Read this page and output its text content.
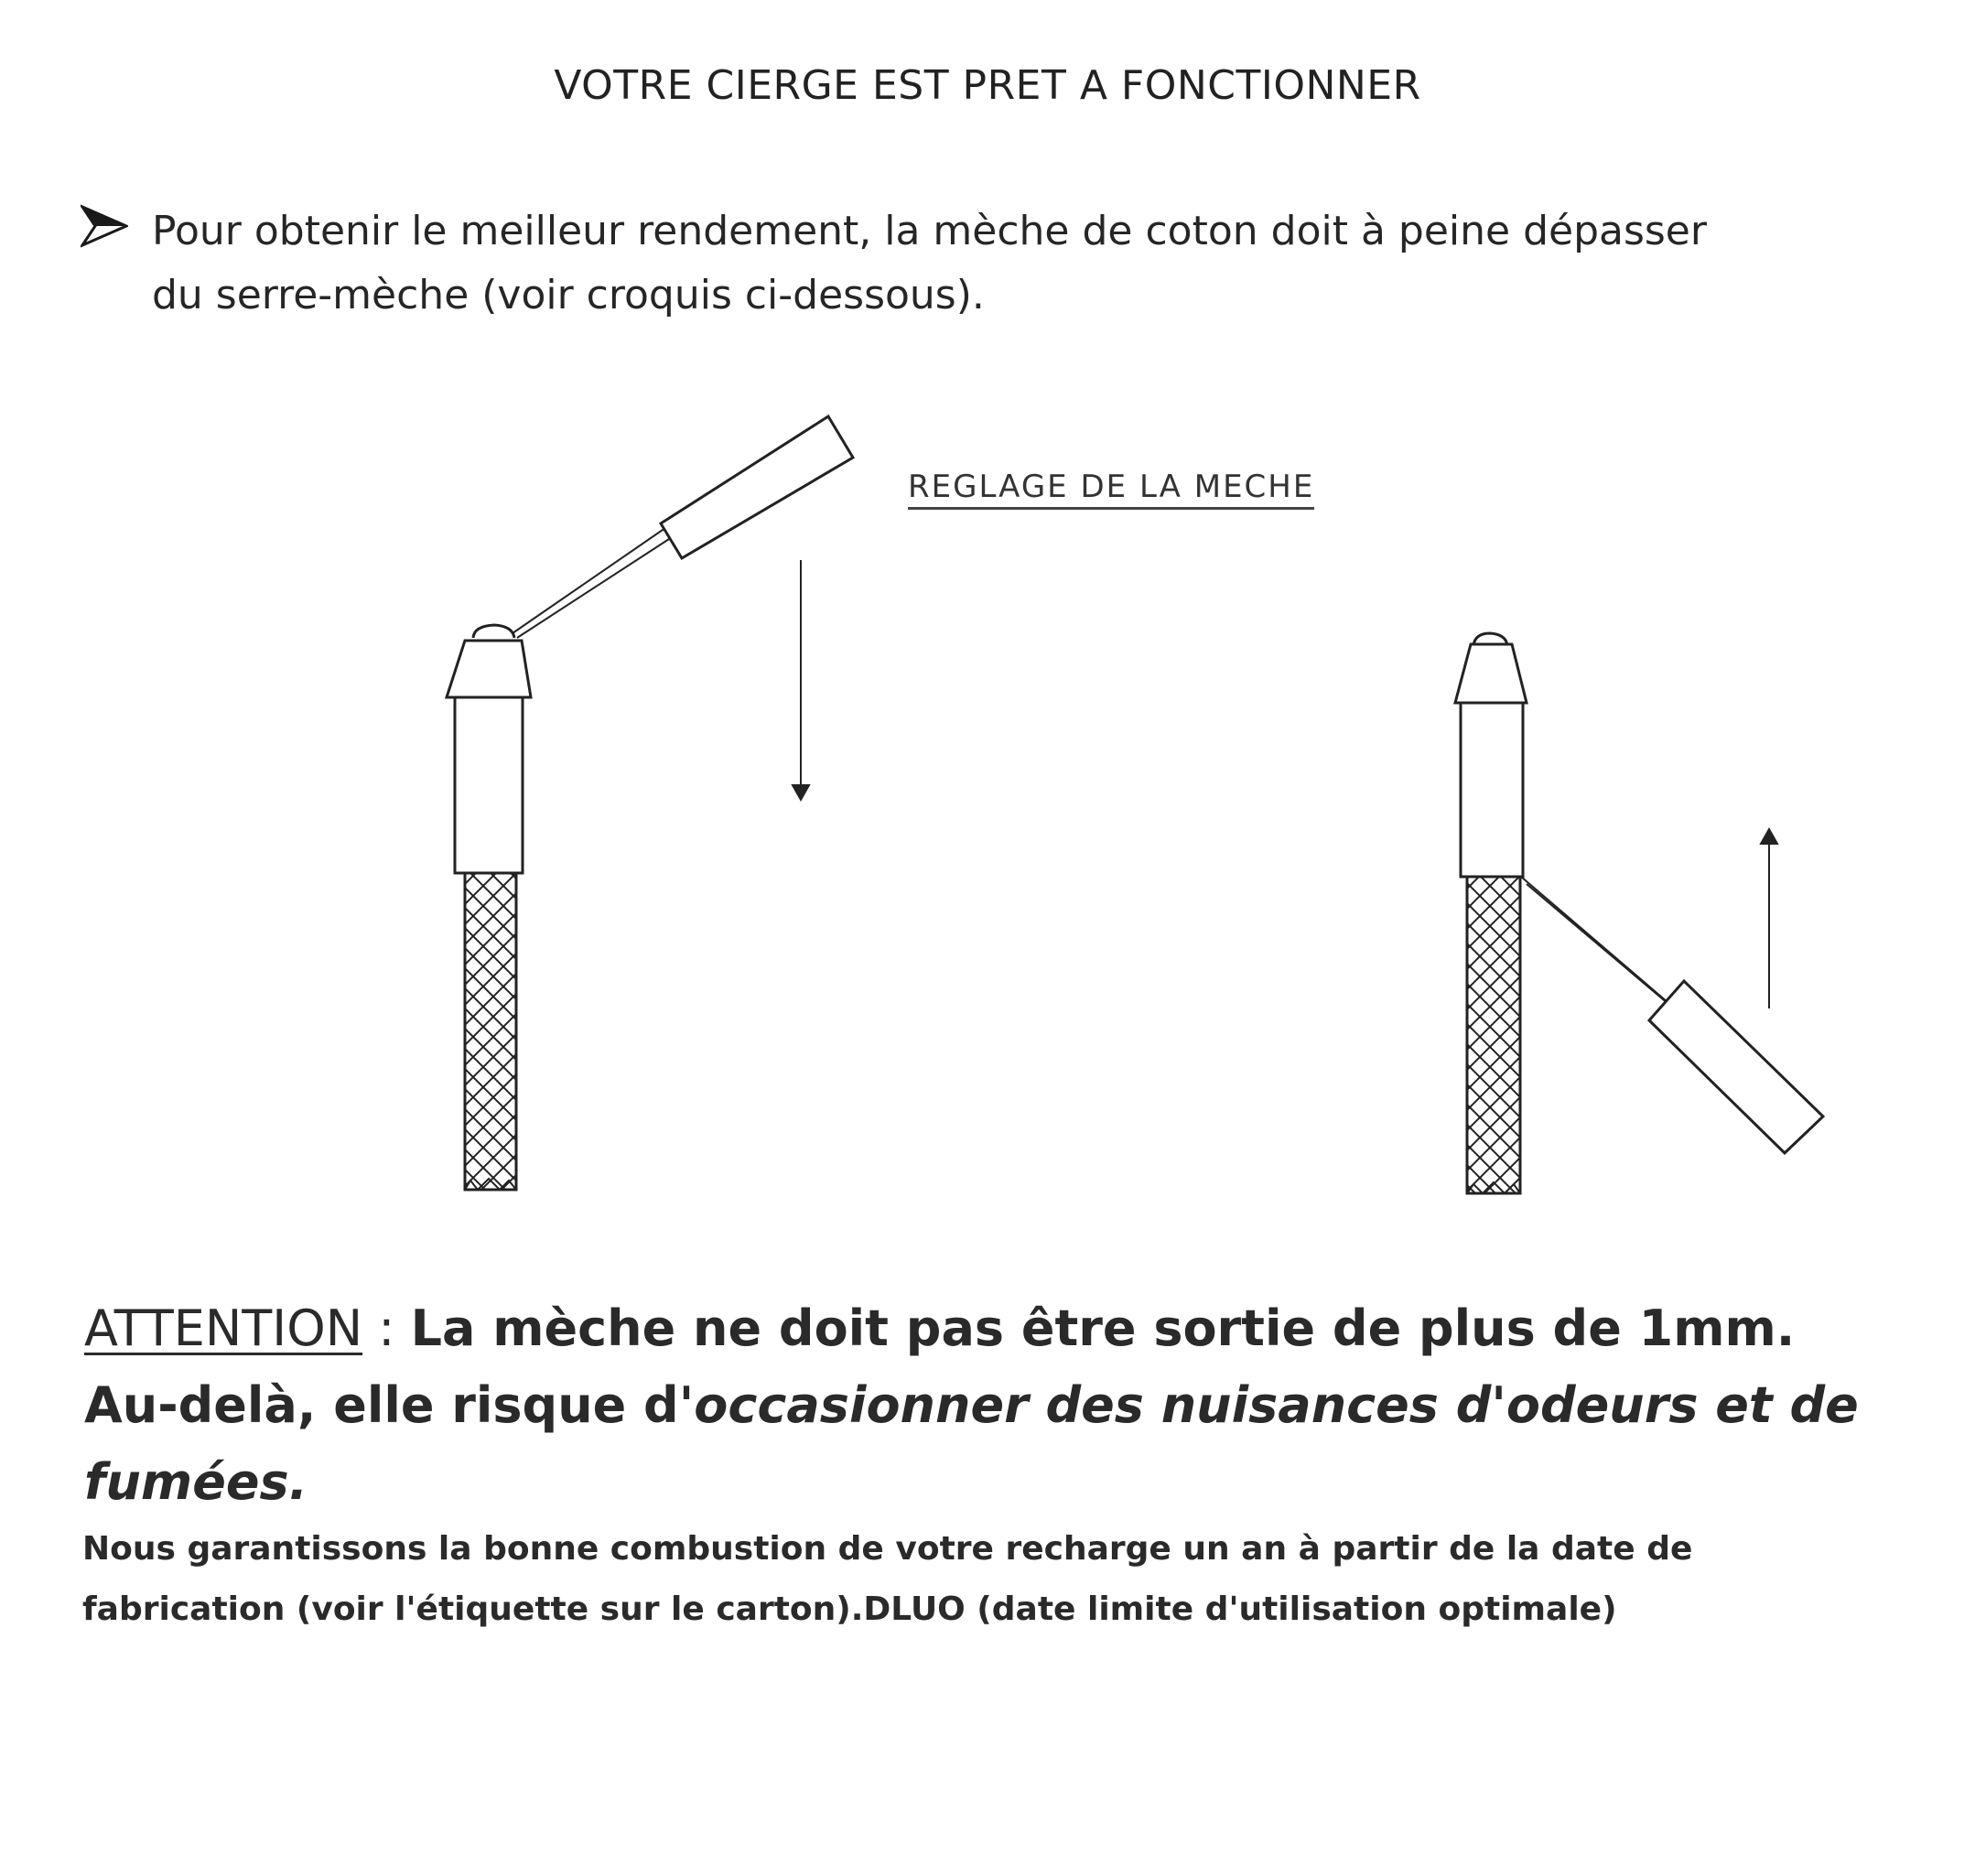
VOTRE CIERGE EST PRET A FONCTIONNER
Pour obtenir le meilleur rendement, la mèche de coton doit à peine dépasser
du serre-mèche (voir croquis ci-dessous).
REGLAGE DE LA MECHE
ATTENTION : La mèche ne doit pas être sortie de plus de 1mm.
Au-delà, elle risque d'occasionner des nuisances d'odeurs et de
fumées.
Nous garantissons la bonne combustion de votre recharge un an à partir de la date de
fabrication (voir l'étiquette sur le carton).DLUO (date limite d'utilisation optimale)
